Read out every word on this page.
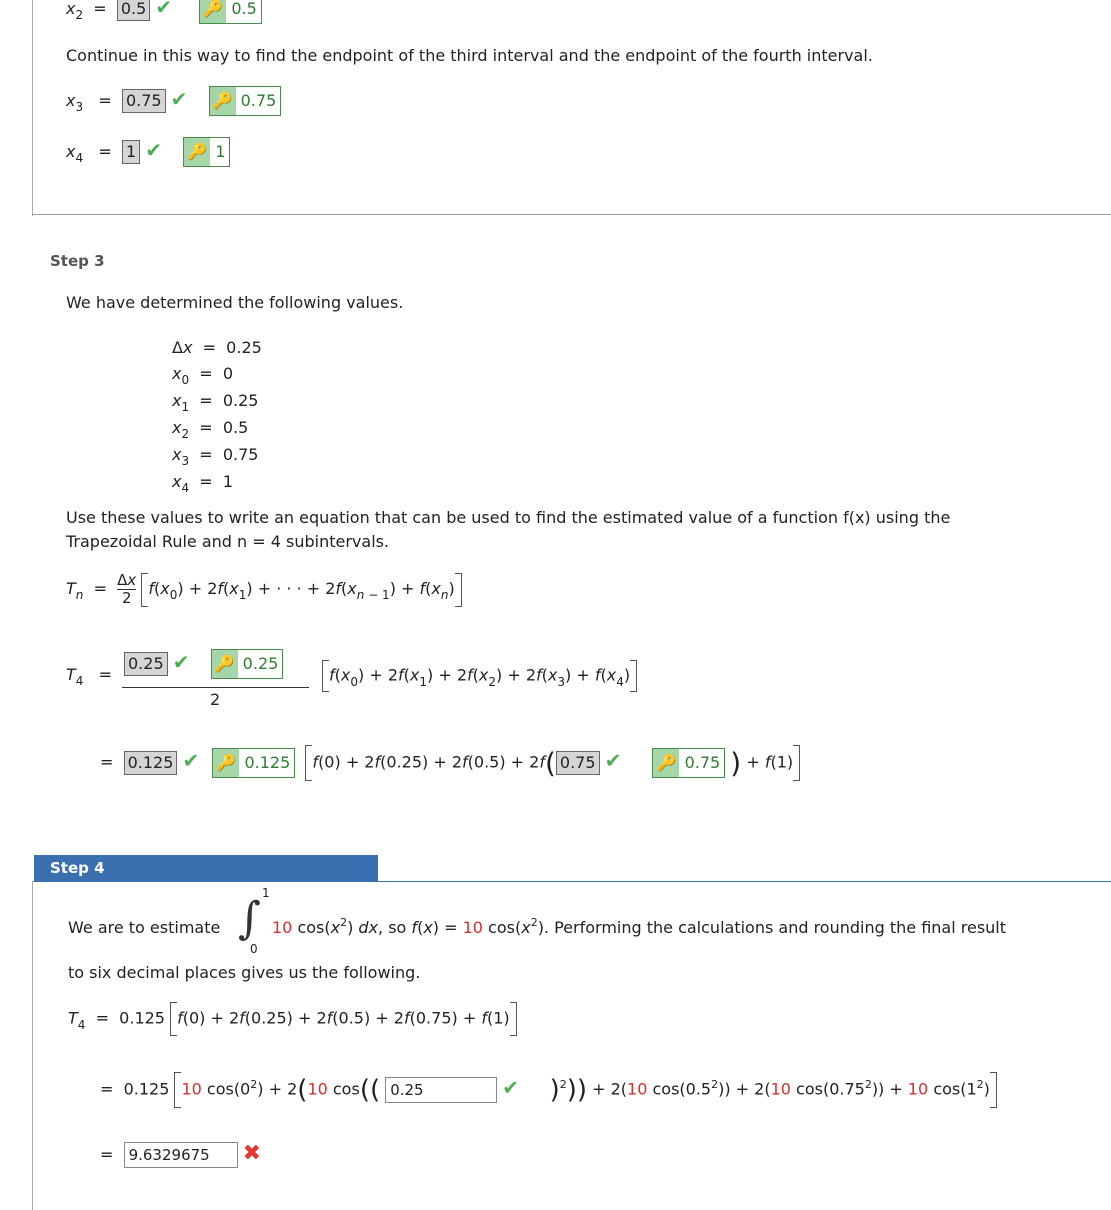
$x_2 = 0.5$ ✔ 🔑 0.5
Continue in this way to find the endpoint of the third interval and the endpoint of the fourth interval.
$x_3 = 0.75$ ✔ 🔑 0.75
$x_4 = 1$ ✔ 🔑 1
Step 3
We have determined the following values.
Δx  =  0.25
$x_0 = 0$
$x_1 = 0.25$
$x_2 = 0.5$
$x_3 = 0.75$
$x_4 = 1$
Use these values to write an equation that can be used to find the estimated value of a function f(x) using the
Trapezoidal Rule and n = 4 subintervals.
$T_n = \Delta x$

2	$f(x_0) + 2f(x_1)$ + · · · + $2f(x_n$ $_{- 1}) + f(x_n)$
$T_4$   =
0.25 ✔ 🔑 0.25
2
$f(x_0) + 2f(x_1) + 2f(x_2) + 2f(x_3) + f(x_4)$
=  0.125 ✔ 🔑 0.125 f(0) + 2f(0.25) + 2f(0.5) + 2f( 0.75 ✔ 🔑 0.75 ) + f(1)
Step 4
We are to estimate ∫ 1
0
10 $\cos(x^2)$ dx, so f(x) = 10 $\cos(x^2)$. Performing the calculations and rounding the final result
to six decimal places gives us the following.
$T_4 = 0.125$ f(0) + 2f(0.25) + 2f(0.5) + 2f(0.75) + f(1)
=  0.125 10 $\cos(0^2) + 2(10$ cos(( 0.25	✔ )$^2$)) + 2(10 $\cos(0.5^2)) + 2(10$ $\cos(0.75^2)) + 10$ $\cos(1^2)$
=  9.6329675 ✖
